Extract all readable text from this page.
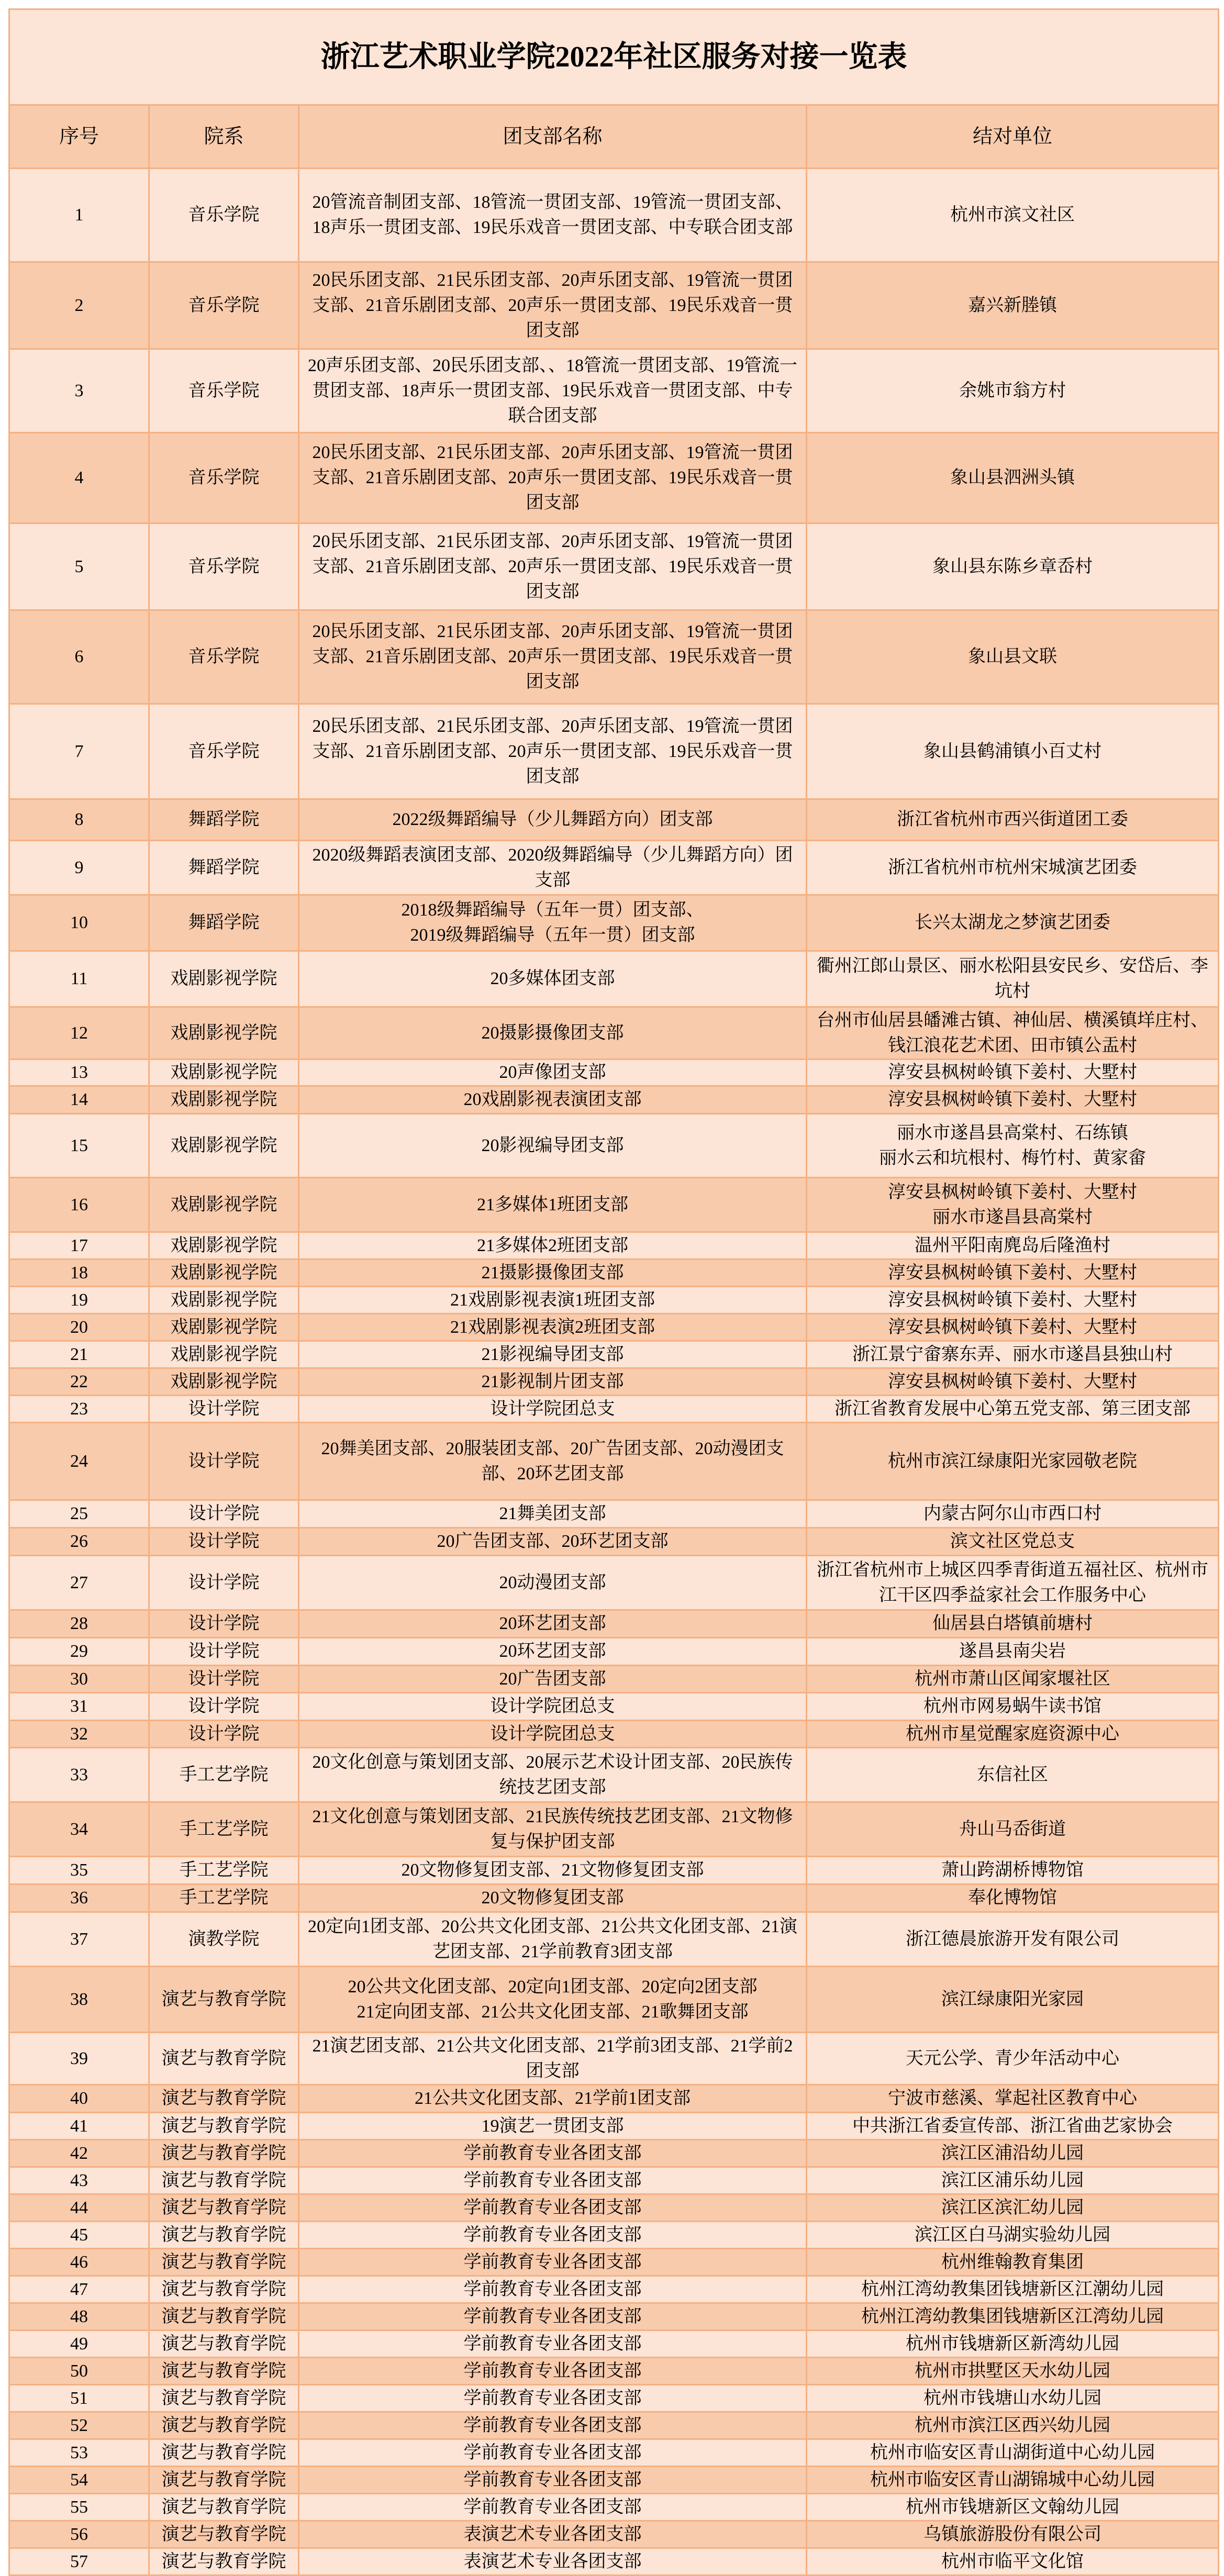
浙江艺术职业学院2022年社区服务对接一览表			
序号	院系	团支部名称	结对单位
1	音乐学院	20管流音制团支部、18管流一贯团支部、19管流一贯团支部、18声乐一贯团支部、19民乐戏音一贯团支部、中专联合团支部	杭州市滨文社区
2	音乐学院	20民乐团支部、21民乐团支部、20声乐团支部、19管流一贯团支部、21音乐剧团支部、20声乐一贯团支部、19民乐戏音一贯团支部	嘉兴新塍镇
3	音乐学院	20声乐团支部、20民乐团支部、、18管流一贯团支部、19管流一贯团支部、18声乐一贯团支部、19民乐戏音一贯团支部、中专联合团支部	余姚市翁方村
4	音乐学院	20民乐团支部、21民乐团支部、20声乐团支部、19管流一贯团支部、21音乐剧团支部、20声乐一贯团支部、19民乐戏音一贯团支部	象山县泗洲头镇
5	音乐学院	20民乐团支部、21民乐团支部、20声乐团支部、19管流一贯团支部、21音乐剧团支部、20声乐一贯团支部、19民乐戏音一贯团支部	象山县东陈乡章岙村
6	音乐学院	20民乐团支部、21民乐团支部、20声乐团支部、19管流一贯团支部、21音乐剧团支部、20声乐一贯团支部、19民乐戏音一贯团支部	象山县文联
7	音乐学院	20民乐团支部、21民乐团支部、20声乐团支部、19管流一贯团支部、21音乐剧团支部、20声乐一贯团支部、19民乐戏音一贯团支部	象山县鹤浦镇小百丈村
8	舞蹈学院	2022级舞蹈编导（少儿舞蹈方向）团支部	浙江省杭州市西兴街道团工委
9	舞蹈学院	2020级舞蹈表演团支部、2020级舞蹈编导（少儿舞蹈方向）团支部	浙江省杭州市杭州宋城演艺团委
10	舞蹈学院	2018级舞蹈编导（五年一贯）团支部、
2019级舞蹈编导（五年一贯）团支部	长兴太湖龙之梦演艺团委
11	戏剧影视学院	20多媒体团支部	衢州江郎山景区、丽水松阳县安民乡、安岱后、李坑村
12	戏剧影视学院	20摄影摄像团支部	台州市仙居县皤滩古镇、神仙居、横溪镇垟庄村、钱江浪花艺术团、田市镇公盂村
13	戏剧影视学院	20声像团支部	淳安县枫树岭镇下姜村、大墅村
14	戏剧影视学院	20戏剧影视表演团支部	淳安县枫树岭镇下姜村、大墅村
15	戏剧影视学院	20影视编导团支部	丽水市遂昌县高棠村、石练镇
丽水云和坑根村、梅竹村、黄家畲
16	戏剧影视学院	21多媒体1班团支部	淳安县枫树岭镇下姜村、大墅村
丽水市遂昌县高棠村
17	戏剧影视学院	21多媒体2班团支部	温州平阳南麂岛后隆渔村
18	戏剧影视学院	21摄影摄像团支部	淳安县枫树岭镇下姜村、大墅村
19	戏剧影视学院	21戏剧影视表演1班团支部	淳安县枫树岭镇下姜村、大墅村
20	戏剧影视学院	21戏剧影视表演2班团支部	淳安县枫树岭镇下姜村、大墅村
21	戏剧影视学院	21影视编导团支部	浙江景宁畲寨东弄、丽水市遂昌县独山村
22	戏剧影视学院	21影视制片团支部	淳安县枫树岭镇下姜村、大墅村
23	设计学院	设计学院团总支	浙江省教育发展中心第五党支部、第三团支部
24	设计学院	20舞美团支部、20服装团支部、20广告团支部、20动漫团支部、20环艺团支部	杭州市滨江绿康阳光家园敬老院
25	设计学院	21舞美团支部	内蒙古阿尔山市西口村
26	设计学院	20广告团支部、20环艺团支部	滨文社区党总支
27	设计学院	20动漫团支部	浙江省杭州市上城区四季青街道五福社区、杭州市江干区四季益家社会工作服务中心
28	设计学院	20环艺团支部	仙居县白塔镇前塘村
29	设计学院	20环艺团支部	遂昌县南尖岩
30	设计学院	20广告团支部	杭州市萧山区闻家堰社区
31	设计学院	设计学院团总支	杭州市网易蜗牛读书馆
32	设计学院	设计学院团总支	杭州市星觉醒家庭资源中心
33	手工艺学院	20文化创意与策划团支部、20展示艺术设计团支部、20民族传统技艺团支部	东信社区
34	手工艺学院	21文化创意与策划团支部、21民族传统技艺团支部、21文物修复与保护团支部	舟山马岙街道
35	手工艺学院	20文物修复团支部、21文物修复团支部	萧山跨湖桥博物馆
36	手工艺学院	20文物修复团支部	奉化博物馆
37	演教学院	20定向1团支部、20公共文化团支部、21公共文化团支部、21演艺团支部、21学前教育3团支部	浙江德晨旅游开发有限公司
38	演艺与教育学院	20公共文化团支部、20定向1团支部、20定向2团支部
21定向团支部、21公共文化团支部、21歌舞团支部	滨江绿康阳光家园
39	演艺与教育学院	21演艺团支部、21公共文化团支部、21学前3团支部、21学前2团支部	天元公学、青少年活动中心
40	演艺与教育学院	21公共文化团支部、21学前1团支部	宁波市慈溪、掌起社区教育中心
41	演艺与教育学院	19演艺一贯团支部	中共浙江省委宣传部、浙江省曲艺家协会
42	演艺与教育学院	学前教育专业各团支部	滨江区浦沿幼儿园
43	演艺与教育学院	学前教育专业各团支部	滨江区浦乐幼儿园
44	演艺与教育学院	学前教育专业各团支部	滨江区滨汇幼儿园
45	演艺与教育学院	学前教育专业各团支部	滨江区白马湖实验幼儿园
46	演艺与教育学院	学前教育专业各团支部	杭州维翰教育集团
47	演艺与教育学院	学前教育专业各团支部	杭州江湾幼教集团钱塘新区江潮幼儿园
48	演艺与教育学院	学前教育专业各团支部	杭州江湾幼教集团钱塘新区江湾幼儿园
49	演艺与教育学院	学前教育专业各团支部	杭州市钱塘新区新湾幼儿园
50	演艺与教育学院	学前教育专业各团支部	杭州市拱墅区天水幼儿园
51	演艺与教育学院	学前教育专业各团支部	杭州市钱塘山水幼儿园
52	演艺与教育学院	学前教育专业各团支部	杭州市滨江区西兴幼儿园
53	演艺与教育学院	学前教育专业各团支部	杭州市临安区青山湖街道中心幼儿园
54	演艺与教育学院	学前教育专业各团支部	杭州市临安区青山湖锦城中心幼儿园
55	演艺与教育学院	学前教育专业各团支部	杭州市钱塘新区文翰幼儿园
56	演艺与教育学院	表演艺术专业各团支部	乌镇旅游股份有限公司
57	演艺与教育学院	表演艺术专业各团支部	杭州市临平文化馆
